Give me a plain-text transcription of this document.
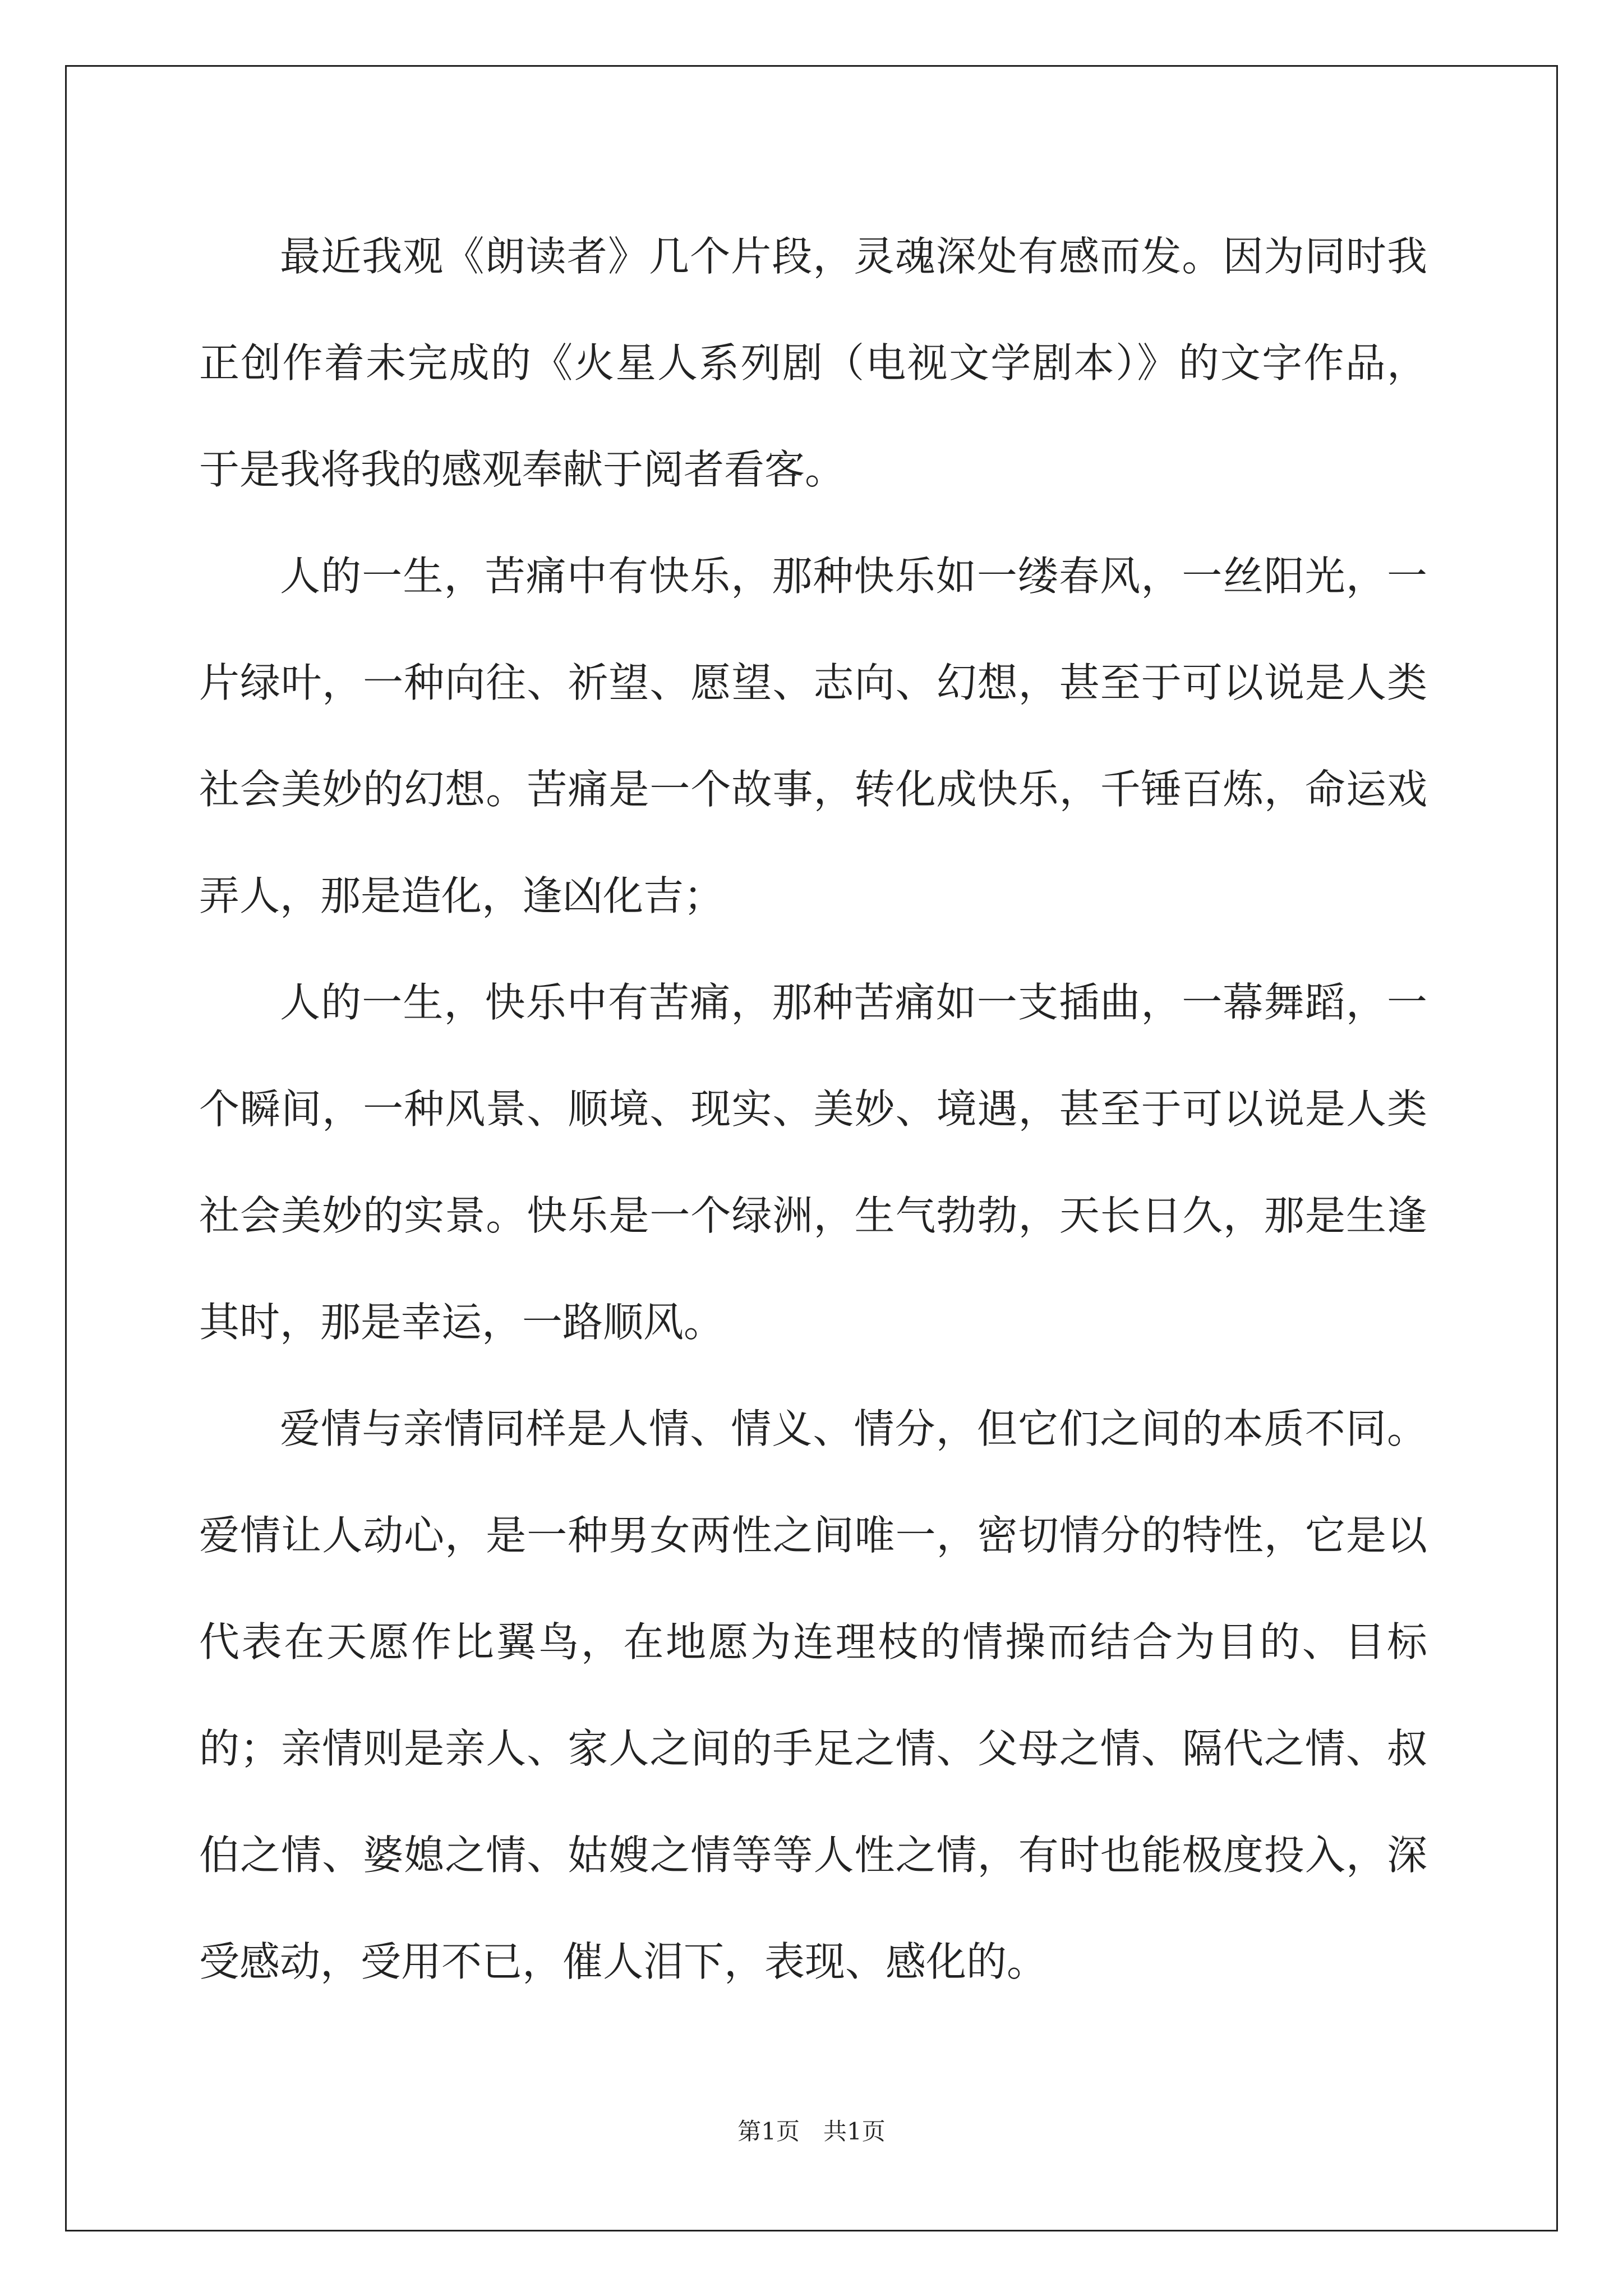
最近我观《朗读者》几个片段，灵魂深处有感而发。因为同时我正创作着未完成的《火星人系列剧（电视文学剧本）》的文字作品，于是我将我的感观奉献于阅者看客。

人的一生，苦痛中有快乐，那种快乐如一缕春风，一丝阳光，一片绿叶，一种向往、祈望、愿望、志向、幻想，甚至于可以说是人类社会美妙的幻想。苦痛是一个故事，转化成快乐，千锤百炼，命运戏弄人，那是造化，逢凶化吉；

人的一生，快乐中有苦痛，那种苦痛如一支插曲，一幕舞蹈，一个瞬间，一种风景、顺境、现实、美妙、境遇，甚至于可以说是人类社会美妙的实景。快乐是一个绿洲，生气勃勃，天长日久，那是生逢其时，那是幸运，一路顺风。

爱情与亲情同样是人情、情义、情分，但它们之间的本质不同。爱情让人动心，是一种男女两性之间唯一，密切情分的特性，它是以代表在天愿作比翼鸟，在地愿为连理枝的情操而结合为目的、目标的；亲情则是亲人、家人之间的手足之情、父母之情、隔代之情、叔伯之情、婆媳之情、姑嫂之情等等人性之情，有时也能极度投入，深受感动，受用不已，催人泪下，表现、感化的。

第1页　共1页
